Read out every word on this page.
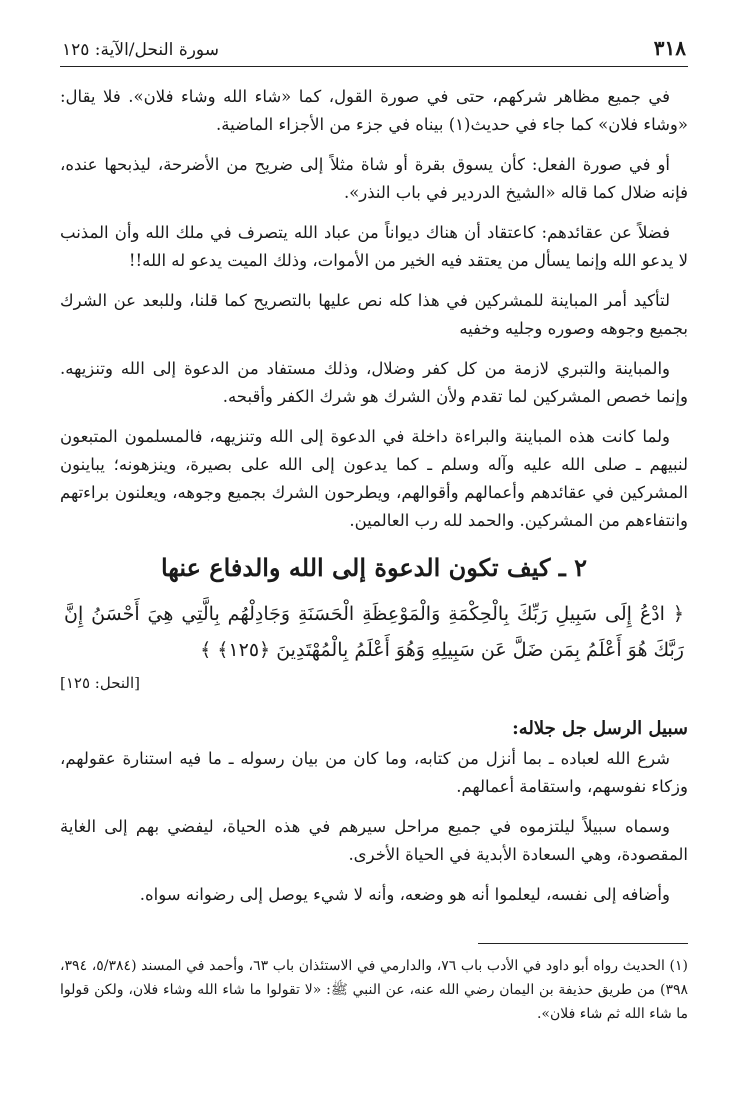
٣١٨
سورة النحل/الآية: ١٢٥

في جميع مظاهر شركهم، حتى في صورة القول، كما «شاء الله وشاء فلان». فلا يقال: «وشاء فلان» كما جاء في حديث(١) بيناه في جزء من الأجزاء الماضية.

أو في صورة الفعل: كأن يسوق بقرة أو شاة مثلاً إلى ضريح من الأضرحة، ليذبحها عنده، فإنه ضلال كما قاله «الشيخ الدردير في باب النذر».

فضلاً عن عقائدهم: كاعتقاد أن هناك ديواناً من عباد الله يتصرف في ملك الله وأن المذنب لا يدعو الله وإنما يسأل من يعتقد فيه الخير من الأموات، وذلك الميت يدعو له الله!!

لتأكيد أمر المباينة للمشركين في هذا كله نص عليها بالتصريح كما قلنا، وللبعد عن الشرك بجميع وجوهه وصوره وجليه وخفيه

والمباينة والتبري لازمة من كل كفر وضلال، وذلك مستفاد من الدعوة إلى الله وتنزيهه. وإنما خصص المشركين لما تقدم ولأن الشرك هو شرك الكفر وأقبحه.

ولما كانت هذه المباينة والبراءة داخلة في الدعوة إلى الله وتنزيهه، فالمسلمون المتبعون لنبيهم ـ صلى الله عليه وآله وسلم ـ كما يدعون إلى الله على بصيرة، وينزهونه؛ يباينون المشركين في عقائدهم وأعمالهم وأقوالهم، ويطرحون الشرك بجميع وجوهه، ويعلنون براءتهم وانتفاءهم من المشركين. والحمد لله رب العالمين.

٢ ـ كيف تكون الدعوة إلى الله والدفاع عنها

﴿ ادْعُ إِلَى سَبِيلِ رَبِّكَ بِالْحِكْمَةِ وَالْمَوْعِظَةِ الْحَسَنَةِ وَجَادِلْهُم بِالَّتِي هِيَ أَحْسَنُ إِنَّ رَبَّكَ هُوَ أَعْلَمُ بِمَن ضَلَّ عَن سَبِيلِهِ وَهُوَ أَعْلَمُ بِالْمُهْتَدِينَ ﴿١٢٥﴾ ﴾

[النحل: ١٢٥]
سبيل الرسل جل جلاله:

شرع الله لعباده ـ بما أنزل من كتابه، وما كان من بيان رسوله ـ ما فيه استنارة عقولهم، وزكاء نفوسهم، واستقامة أعمالهم.

وسماه سبيلاً ليلتزموه في جميع مراحل سيرهم في هذه الحياة، ليفضي بهم إلى الغاية المقصودة، وهي السعادة الأبدية في الحياة الأخرى.

وأضافه إلى نفسه، ليعلموا أنه هو وضعه، وأنه لا شيء يوصل إلى رضوانه سواه.

(١) الحديث رواه أبو داود في الأدب باب ٧٦، والدارمي في الاستئذان باب ٦٣، وأحمد في المسند (٥/٣٨٤، ٣٩٤، ٣٩٨) من طريق حذيفة بن اليمان رضي الله عنه، عن النبي ﷺ: «لا تقولوا ما شاء الله وشاء فلان، ولكن قولوا ما شاء الله ثم شاء فلان».
